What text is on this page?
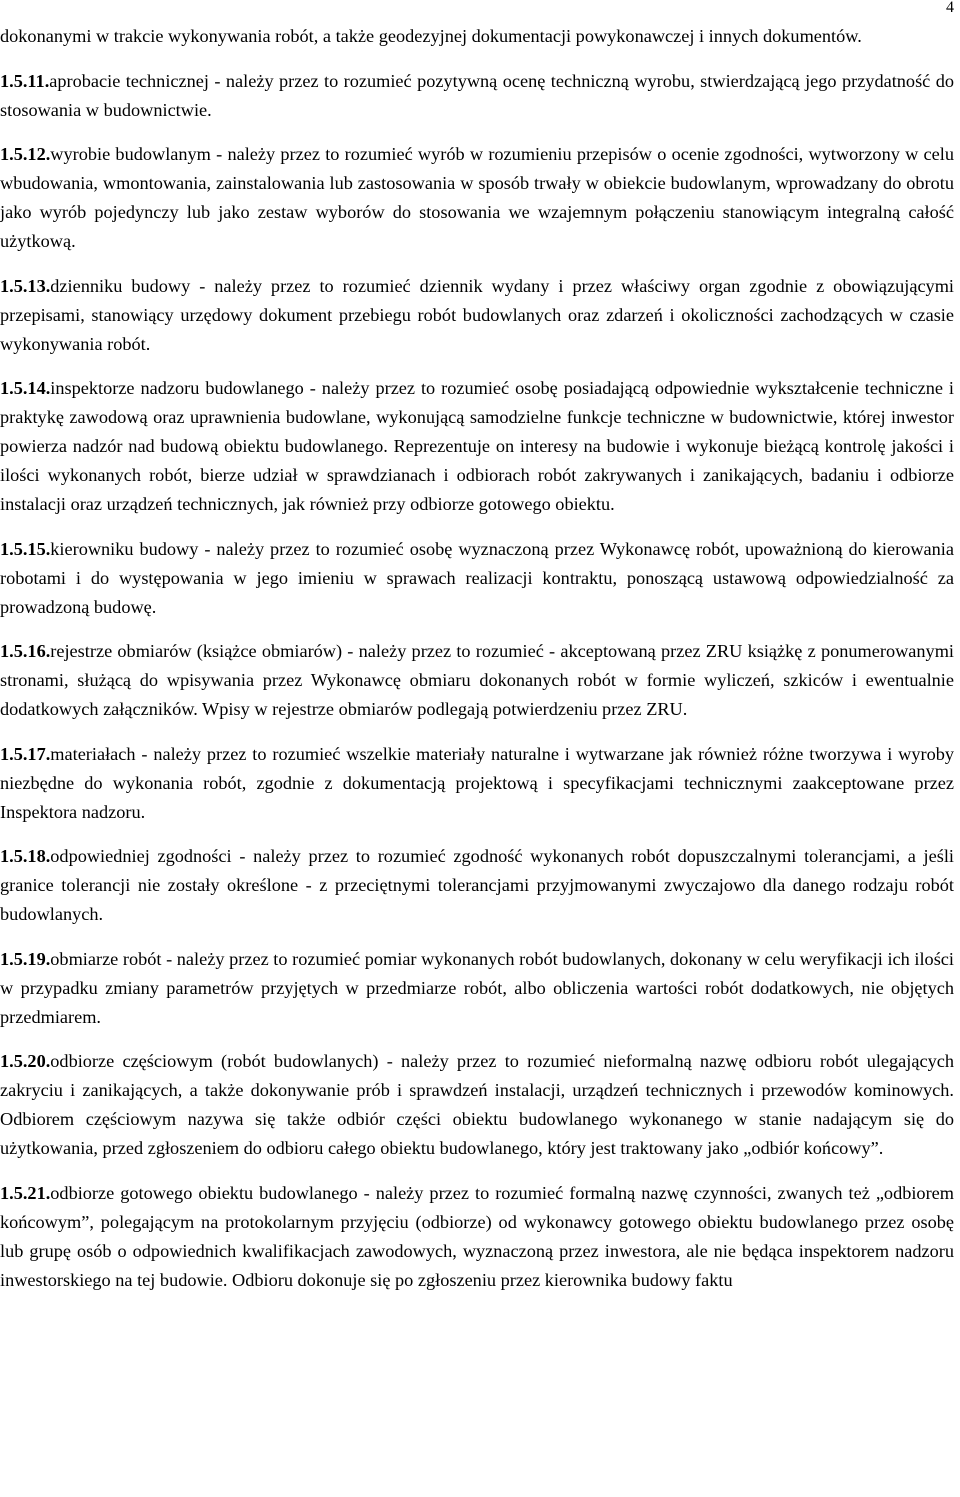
4

dokonanymi w trakcie wykonywania robót, a także geodezyjnej dokumentacji powykonawczej i innych dokumentów.

1.5.11.aprobacie technicznej - należy przez to rozumieć pozytywną ocenę techniczną wyrobu, stwierdzającą jego przydatność do stosowania w budownictwie.

1.5.12.wyrobie budowlanym - należy przez to rozumieć wyrób w rozumieniu przepisów o ocenie zgodności, wytworzony w celu wbudowania, wmontowania, zainstalowania lub zastosowania w sposób trwały w obiekcie budowlanym, wprowadzany do obrotu jako wyrób pojedynczy lub jako zestaw wyborów do stosowania we wzajemnym połączeniu stanowiącym integralną całość użytkową.

1.5.13.dzienniku budowy - należy przez to rozumieć dziennik wydany i przez właściwy organ zgodnie z obowiązującymi przepisami, stanowiący urzędowy dokument przebiegu robót budowlanych oraz zdarzeń i okoliczności zachodzących w czasie wykonywania robót.

1.5.14.inspektorze nadzoru budowlanego - należy przez to rozumieć osobę posiadającą odpowiednie wykształcenie techniczne i praktykę zawodową oraz uprawnienia budowlane, wykonującą samodzielne funkcje techniczne w budownictwie, której inwestor powierza nadzór nad budową obiektu budowlanego. Reprezentuje on interesy na budowie i wykonuje bieżącą kontrolę jakości i ilości wykonanych robót, bierze udział w sprawdzianach i odbiorach robót zakrywanych i zanikających, badaniu i odbiorze instalacji oraz urządzeń technicznych, jak również przy odbiorze gotowego obiektu.

1.5.15.kierowniku budowy - należy przez to rozumieć osobę wyznaczoną przez Wykonawcę robót, upoważnioną do kierowania robotami i do występowania w jego imieniu w sprawach realizacji kontraktu, ponoszącą ustawową odpowiedzialność za prowadzoną budowę.

1.5.16.rejestrze obmiarów (książce obmiarów) - należy przez to rozumieć - akceptowaną przez ZRU książkę z ponumerowanymi stronami, służącą do wpisywania przez Wykonawcę obmiaru dokonanych robót w formie wyliczeń, szkiców i ewentualnie dodatkowych załączników. Wpisy w rejestrze obmiarów podlegają potwierdzeniu przez ZRU.

1.5.17.materiałach - należy przez to rozumieć wszelkie materiały naturalne i wytwarzane jak również różne tworzywa i wyroby niezbędne do wykonania robót, zgodnie z dokumentacją projektową i specyfikacjami technicznymi zaakceptowane przez Inspektora nadzoru.

1.5.18.odpowiedniej zgodności - należy przez to rozumieć zgodność wykonanych robót dopuszczalnymi tolerancjami, a jeśli granice tolerancji nie zostały określone - z przeciętnymi tolerancjami przyjmowanymi zwyczajowo dla danego rodzaju robót budowlanych.

1.5.19.obmiarze robót - należy przez to rozumieć pomiar wykonanych robót budowlanych, dokonany w celu weryfikacji ich ilości w przypadku zmiany parametrów przyjętych w przedmiarze robót, albo obliczenia wartości robót dodatkowych, nie objętych przedmiarem.

1.5.20.odbiorze częściowym (robót budowlanych) - należy przez to rozumieć nieformalną nazwę odbioru robót ulegających zakryciu i zanikających, a także dokonywanie prób i sprawdzeń instalacji, urządzeń technicznych i przewodów kominowych. Odbiorem częściowym nazywa się także odbiór części obiektu budowlanego wykonanego w stanie nadającym się do użytkowania, przed zgłoszeniem do odbioru całego obiektu budowlanego, który jest traktowany jako „odbiór końcowy”.

1.5.21.odbiorze gotowego obiektu budowlanego - należy przez to rozumieć formalną nazwę czynności, zwanych też „odbiorem końcowym”, polegającym na protokolarnym przyjęciu (odbiorze) od wykonawcy gotowego obiektu budowlanego przez osobę lub grupę osób o odpowiednich kwalifikacjach zawodowych, wyznaczoną przez inwestora, ale nie będąca inspektorem nadzoru inwestorskiego na tej budowie. Odbioru dokonuje się po zgłoszeniu przez kierownika budowy faktu
